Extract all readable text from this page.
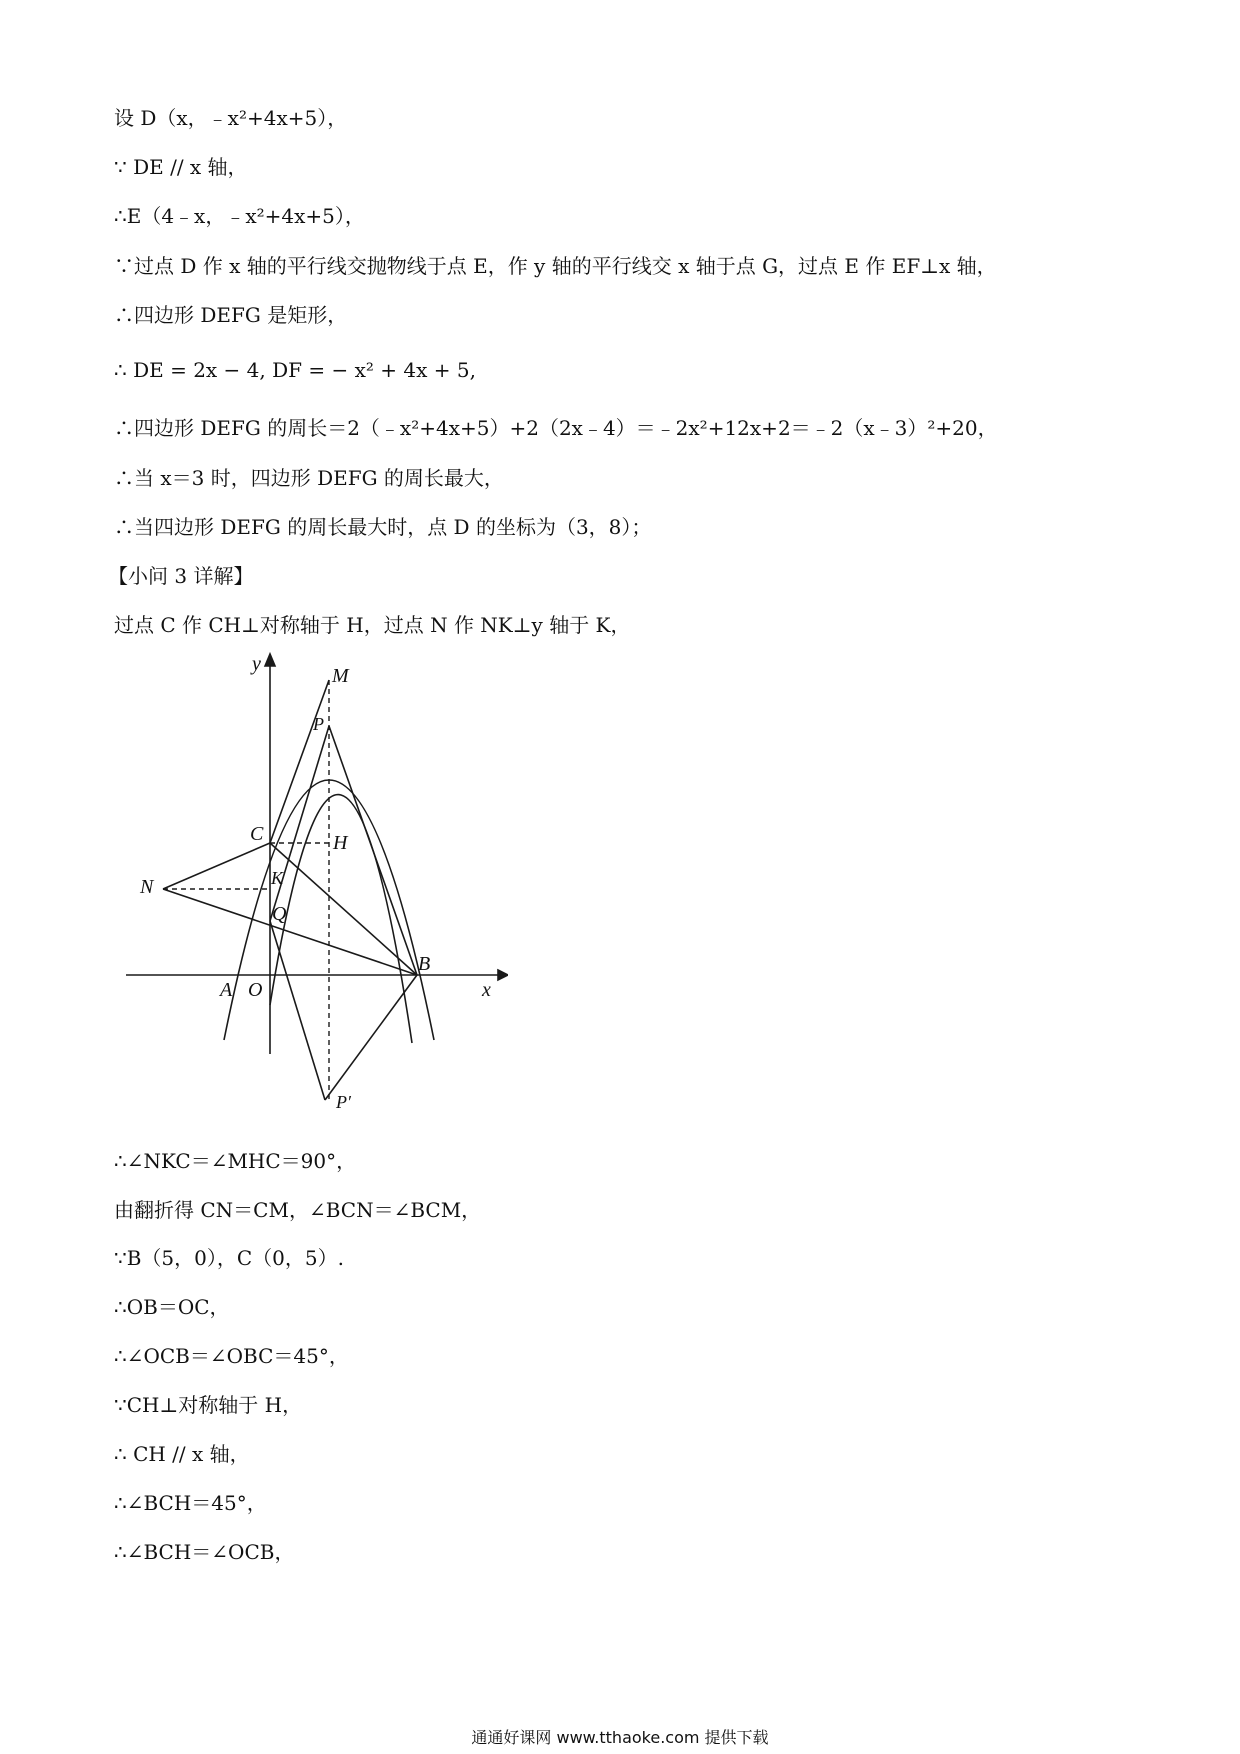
设 D（x，﹣x²+4x+5），
∵ DE // x 轴，
∴E（4﹣x，﹣x²+4x+5），
∵过点 D 作 x 轴的平行线交抛物线于点 E，作 y 轴的平行线交 x 轴于点 G，过点 E 作 EF⊥x 轴，
∴四边形 DEFG 是矩形，
∴ DE = 2x − 4, DF = − x² + 4x + 5,
∴四边形 DEFG 的周长＝2（﹣x²+4x+5）+2（2x﹣4）＝﹣2x²+12x+2＝﹣2（x﹣3）²+20，
∴当 x＝3 时，四边形 DEFG 的周长最大，
∴当四边形 DEFG 的周长最大时，点 D 的坐标为（3，8）；
【小问 3 详解】
过点 C 作 CH⊥对称轴于 H，过点 N 作 NK⊥y 轴于 K，
y
M
P
C	H
N	K
Q
B
A O	x
P′
∴∠NKC＝∠MHC＝90°，
由翻折得 CN＝CM，∠BCN＝∠BCM，
∵B（5，0），C（0，5）.
∴OB＝OC，
∴∠OCB＝∠OBC＝45°，
∵CH⊥对称轴于 H，
∴ CH // x 轴，
∴∠BCH＝45°，
∴∠BCH＝∠OCB，
通通好课网 www.tthaoke.com 提供下载
